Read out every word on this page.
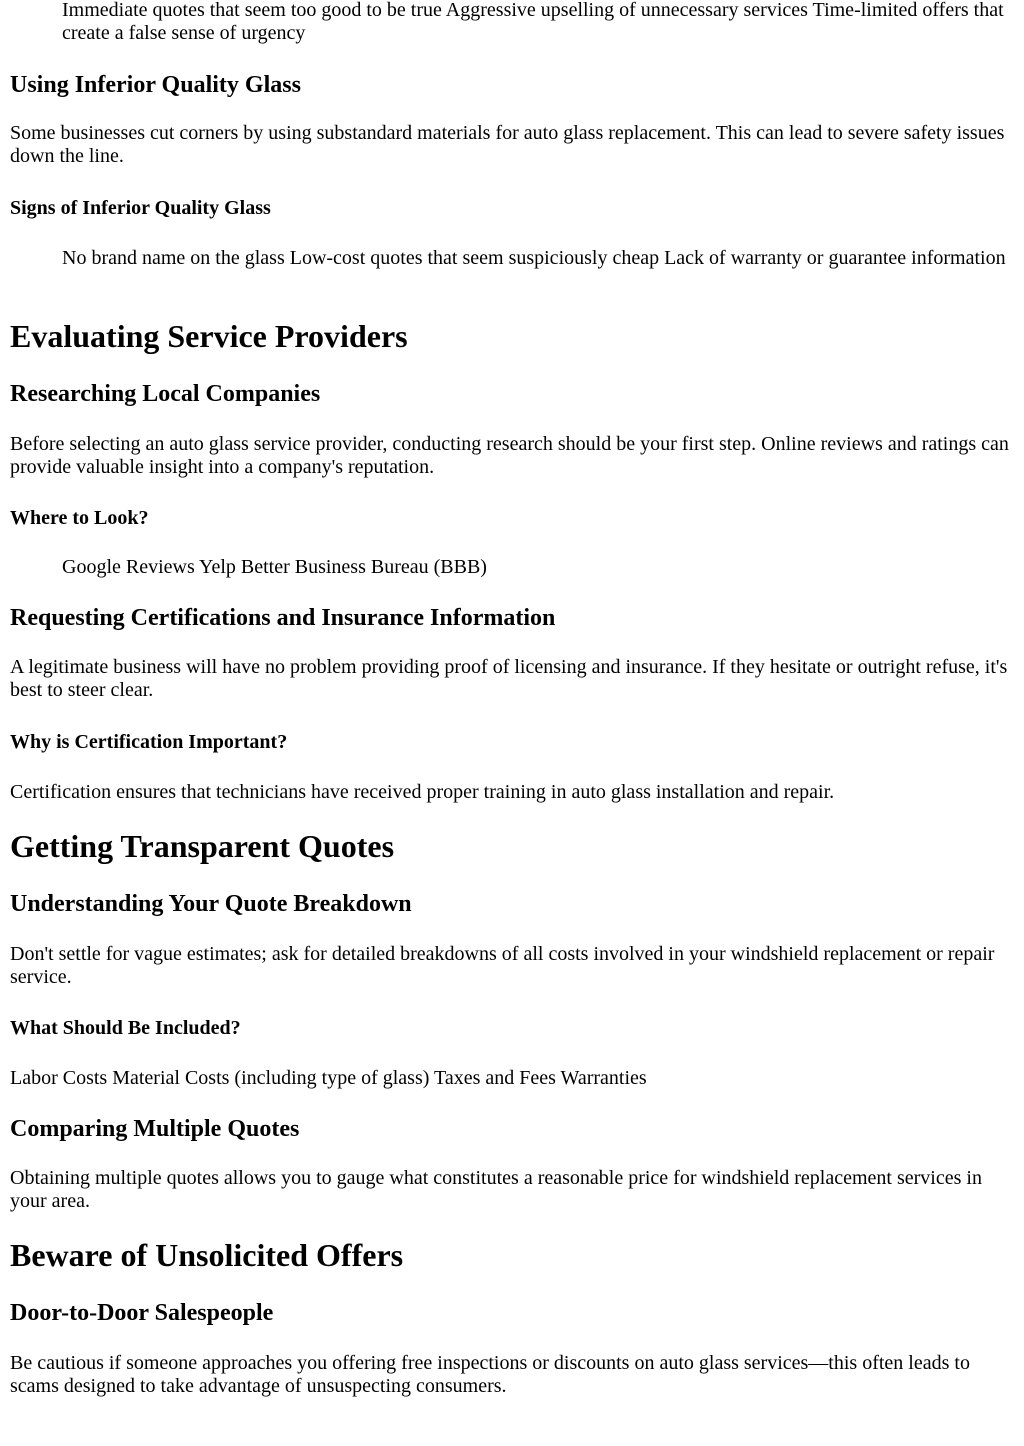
Immediate quotes that seem too good to be true Aggressive upselling of unnecessary services Time-limited offers that create a false sense of urgency

Using Inferior Quality Glass

Some businesses cut corners by using substandard materials for auto glass replacement. This can lead to severe safety issues down the line.

Signs of Inferior Quality Glass

No brand name on the glass Low-cost quotes that seem suspiciously cheap Lack of warranty or guarantee information

Evaluating Service Providers
Researching Local Companies

Before selecting an auto glass service provider, conducting research should be your first step. Online reviews and ratings can provide valuable insight into a company's reputation.

Where to Look?

Google Reviews Yelp Better Business Bureau (BBB)

Requesting Certifications and Insurance Information

A legitimate business will have no problem providing proof of licensing and insurance. If they hesitate or outright refuse, it's best to steer clear.

Why is Certification Important?

Certification ensures that technicians have received proper training in auto glass installation and repair.

Getting Transparent Quotes
Understanding Your Quote Breakdown

Don't settle for vague estimates; ask for detailed breakdowns of all costs involved in your windshield replacement or repair service.

What Should Be Included?

Labor Costs Material Costs (including type of glass) Taxes and Fees Warranties

Comparing Multiple Quotes

Obtaining multiple quotes allows you to gauge what constitutes a reasonable price for windshield replacement services in your area.

Beware of Unsolicited Offers
Door-to-Door Salespeople

Be cautious if someone approaches you offering free inspections or discounts on auto glass services—this often leads to scams designed to take advantage of unsuspecting consumers.
